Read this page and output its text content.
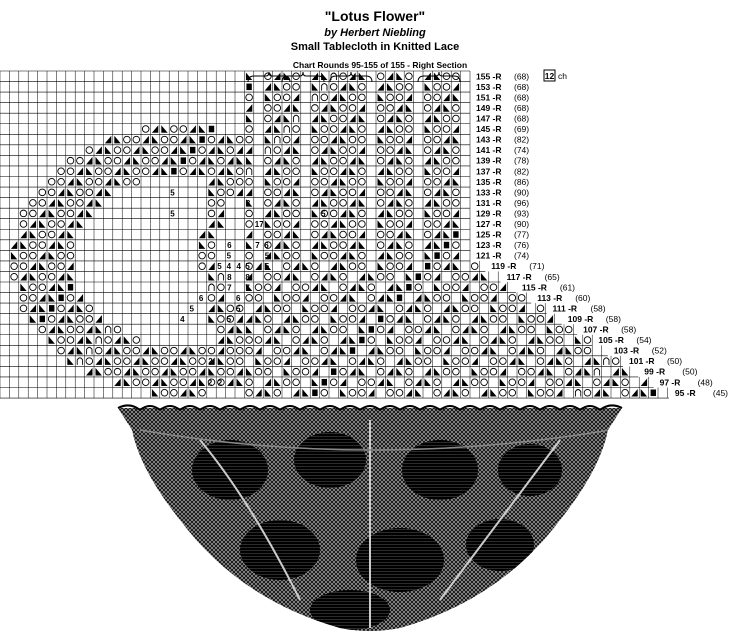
"Lotus Flower"
by Herbert Niebling
Small Tablecloth in Knitted Lace
5
3
5	5
17
6	6
7
5	5
5 4
4	5
5
8 8
7 7
6	6
5	5
4	5
2
2 2
155 -R (68)
153 -R (68)
151 -R (68)
149 -R (68)
147 -R (68)
145 -R (69)
143 -R (82)
141 -R (74)
139 -R (78)
137 -R (82)
135 -R (86)
133 -R (90)
131 -R (96)
129 -R (93)
127 -R (90)
125 -R (77)
123 -R (76)
121 -R (74)
119 -R (71)
117 -R (65)
115 -R (61)
113 -R (60)
111 -R (58)
109 -R (58)
107 -R (58)
105 -R (54)
103 -R (52)
101 -R (50)
99 -R (50)
97 -R (48)
95 -R (45)
Chart Rounds 95-155 of 155 - Right Section
12 ch
